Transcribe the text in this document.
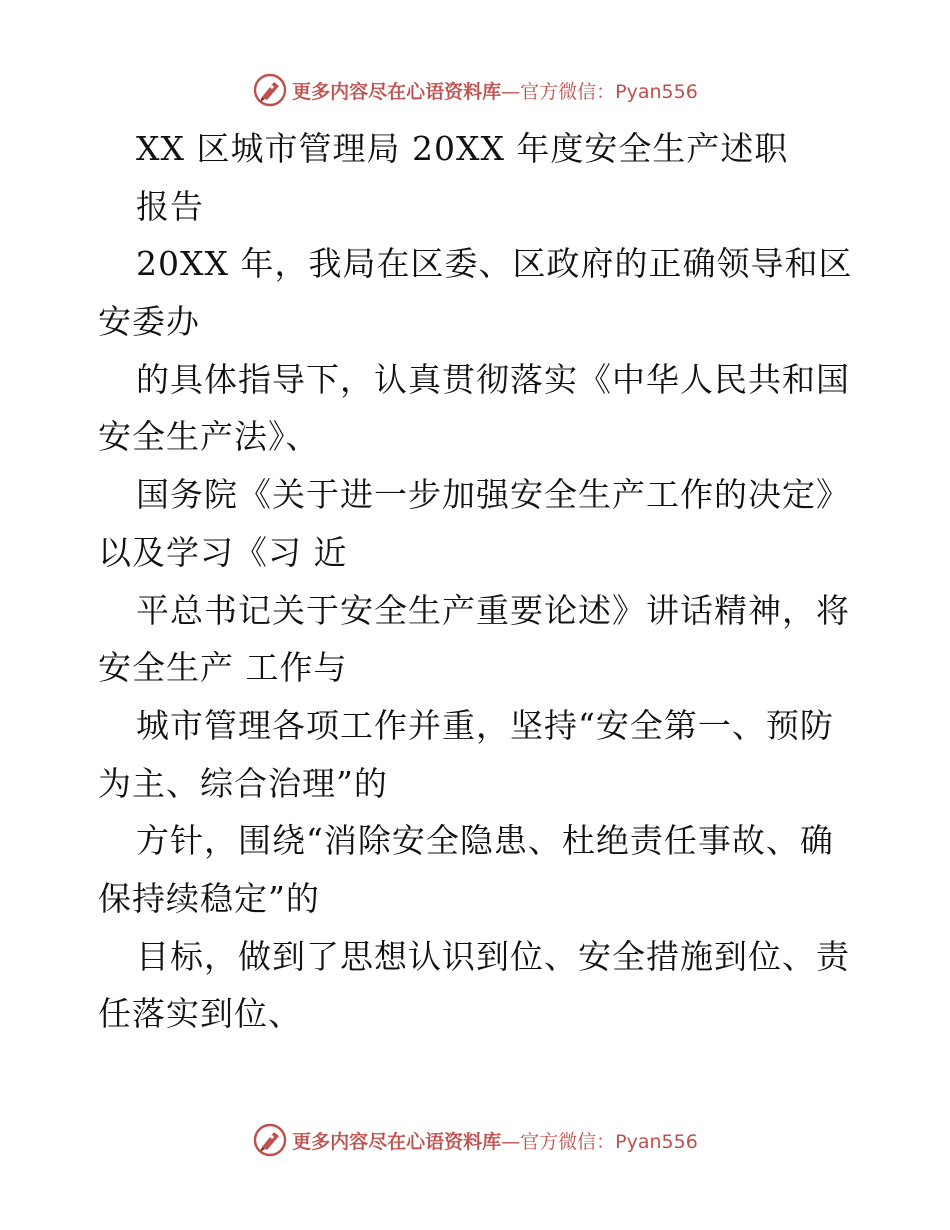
更多内容尽在心语资料库—官方微信：Pyan556
XX 区城市管理局 20XX 年度安全生产述职
报告
20XX 年，我局在区委、区政府的正确领导和区
安委办
的具体指导下，认真贯彻落实《中华人民共和国
安全生产法》、
国务院《关于进一步加强安全生产工作的决定》
以及学习《习 近
平总书记关于安全生产重要论述》讲话精神，将
安全生产 工作与
城市管理各项工作并重，坚持“安全第一、预防
为主、综合治理”的
方针，围绕“消除安全隐患、杜绝责任事故、确
保持续稳定”的
目标，做到了思想认识到位、安全措施到位、责
任落实到位、
更多内容尽在心语资料库—官方微信：Pyan556
